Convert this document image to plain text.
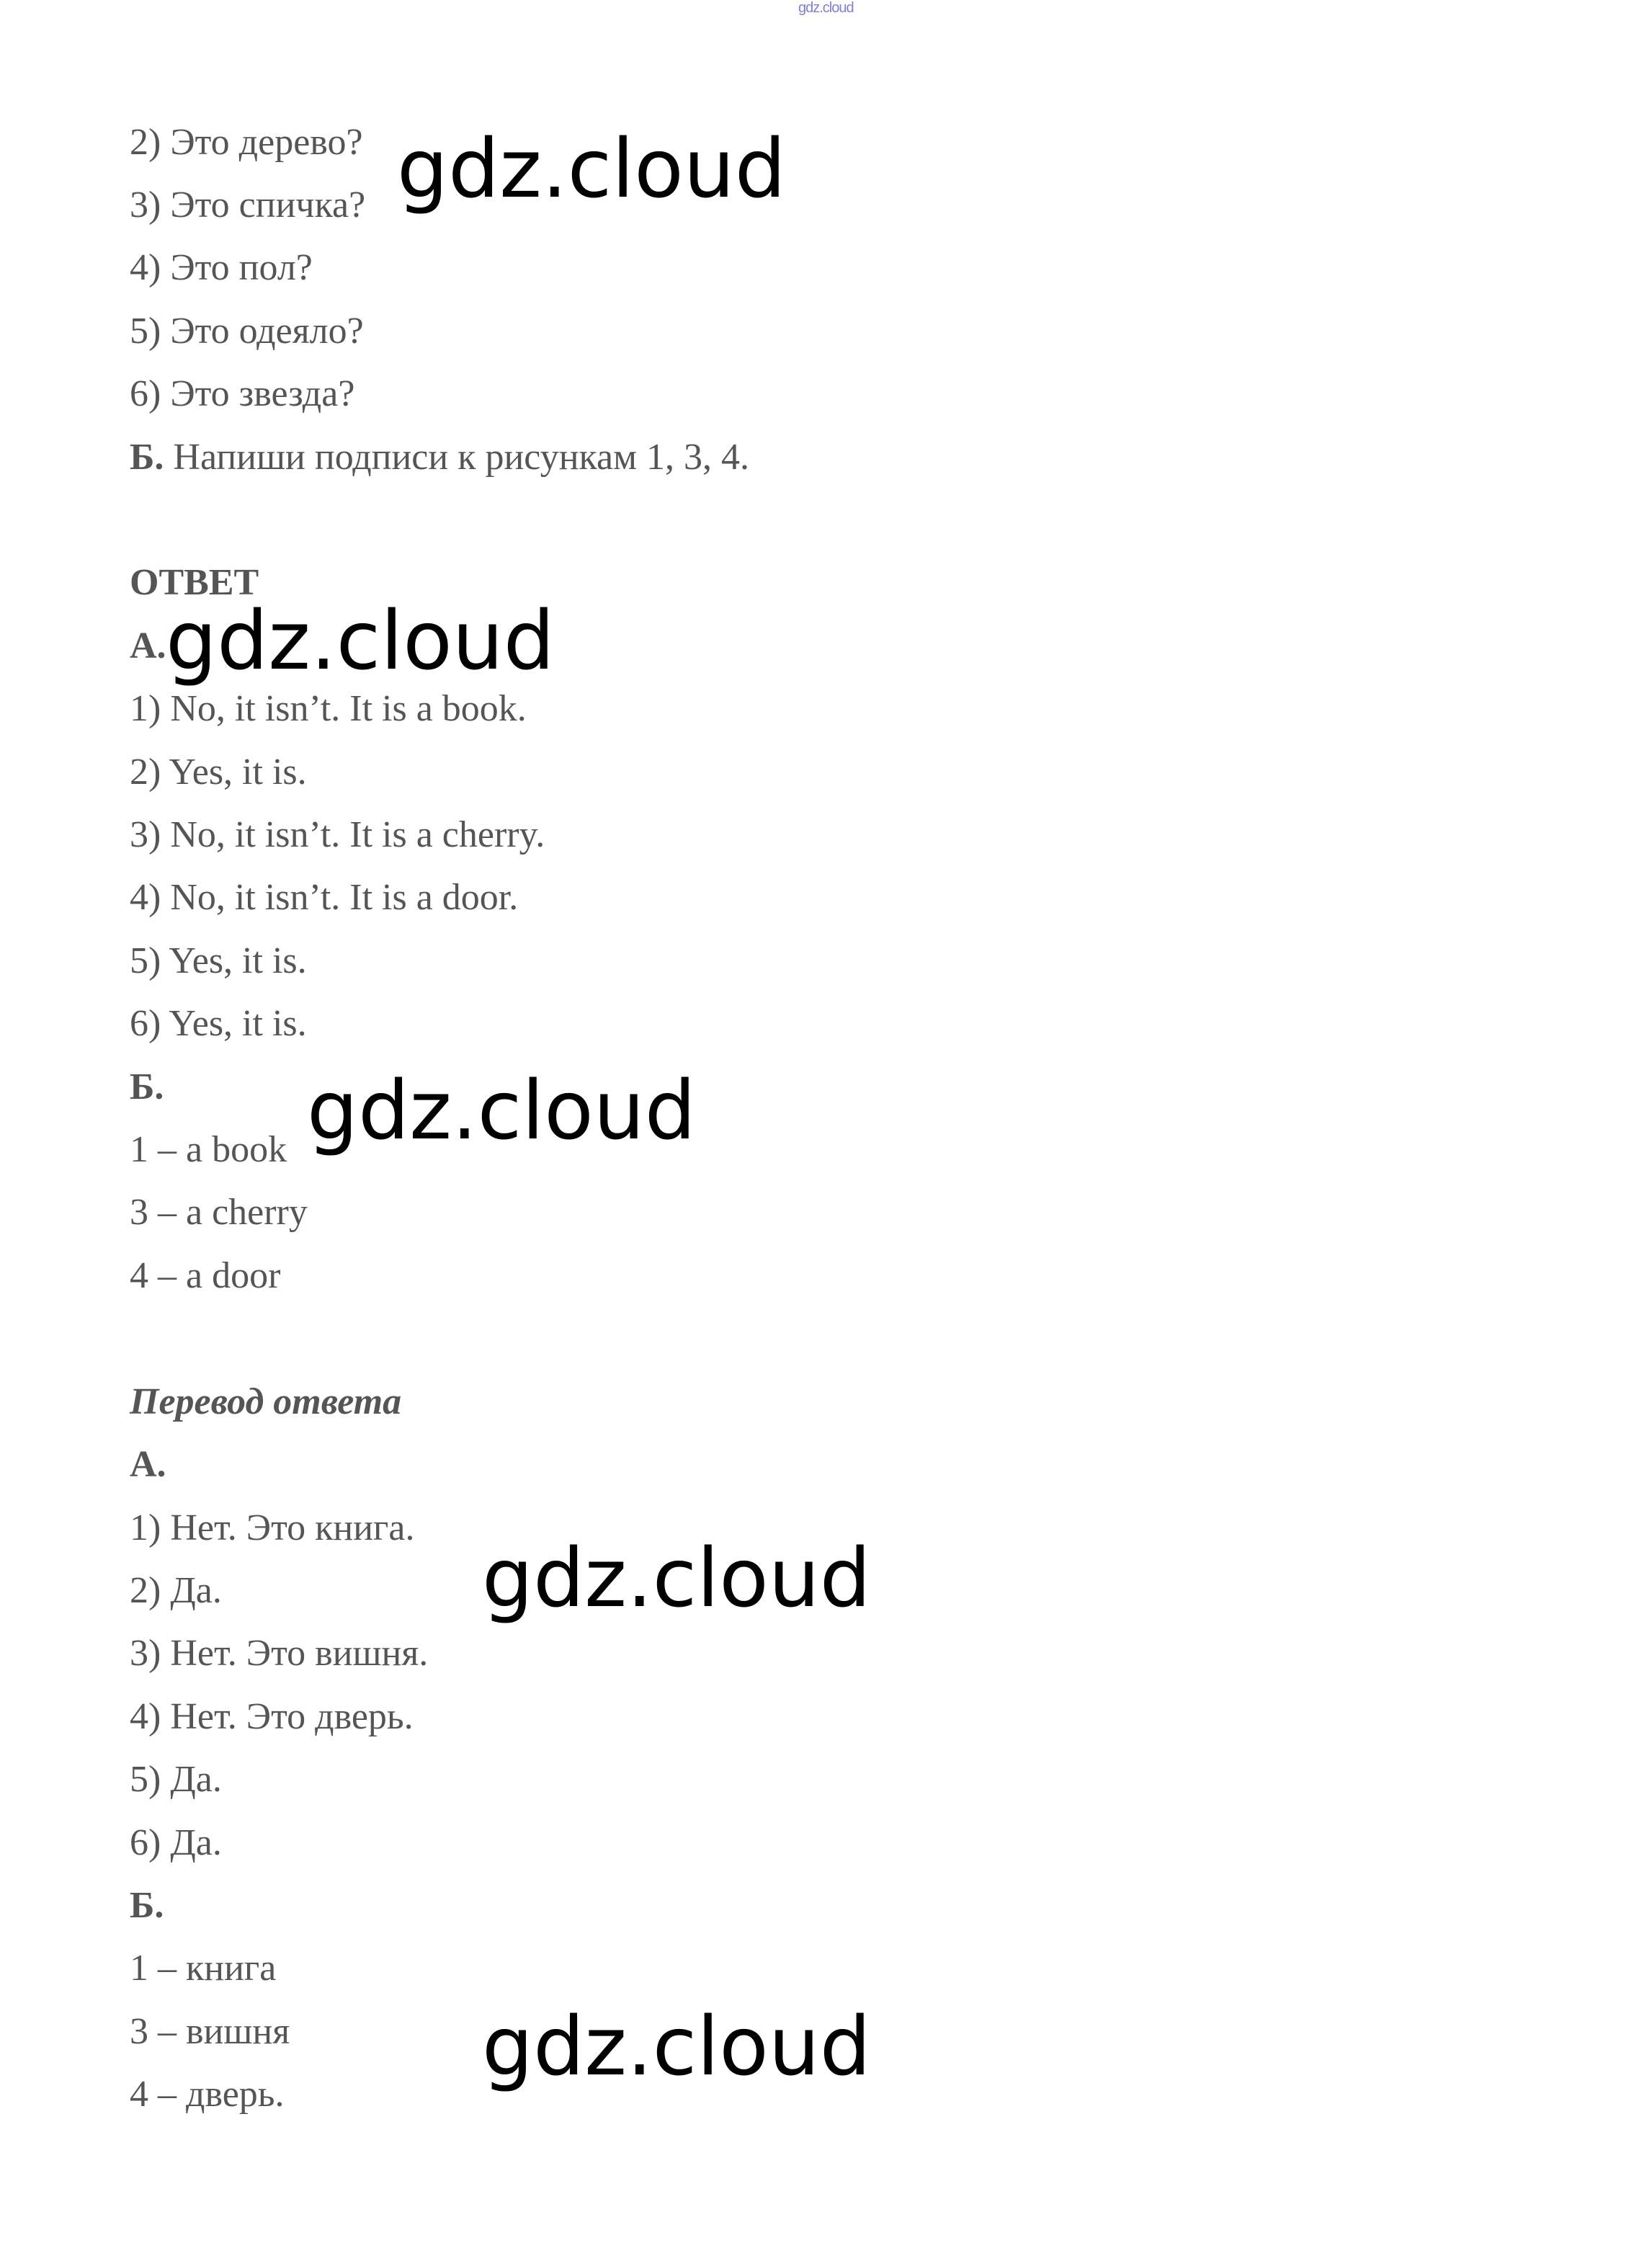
gdz.cloud
2) Это дерево?
3) Это спичка?
4) Это пол?
5) Это одеяло?
6) Это звезда?
Б. Напиши подписи к рисункам 1, 3, 4.
ОТВЕТ
А.
1) No, it isn’t. It is a book.
2) Yes, it is.
3) No, it isn’t. It is a cherry.
4) No, it isn’t. It is a door.
5) Yes, it is.
6) Yes, it is.
Б.
1 – a book
3 – a cherry
4 – a door
Перевод ответа
А.
1) Нет. Это книга.
2) Да.
3) Нет. Это вишня.
4) Нет. Это дверь.
5) Да.
6) Да.
Б.
1 – книга
3 – вишня
4 – дверь.
gdz.cloud
gdz.cloud
gdz.cloud
gdz.cloud
gdz.cloud
